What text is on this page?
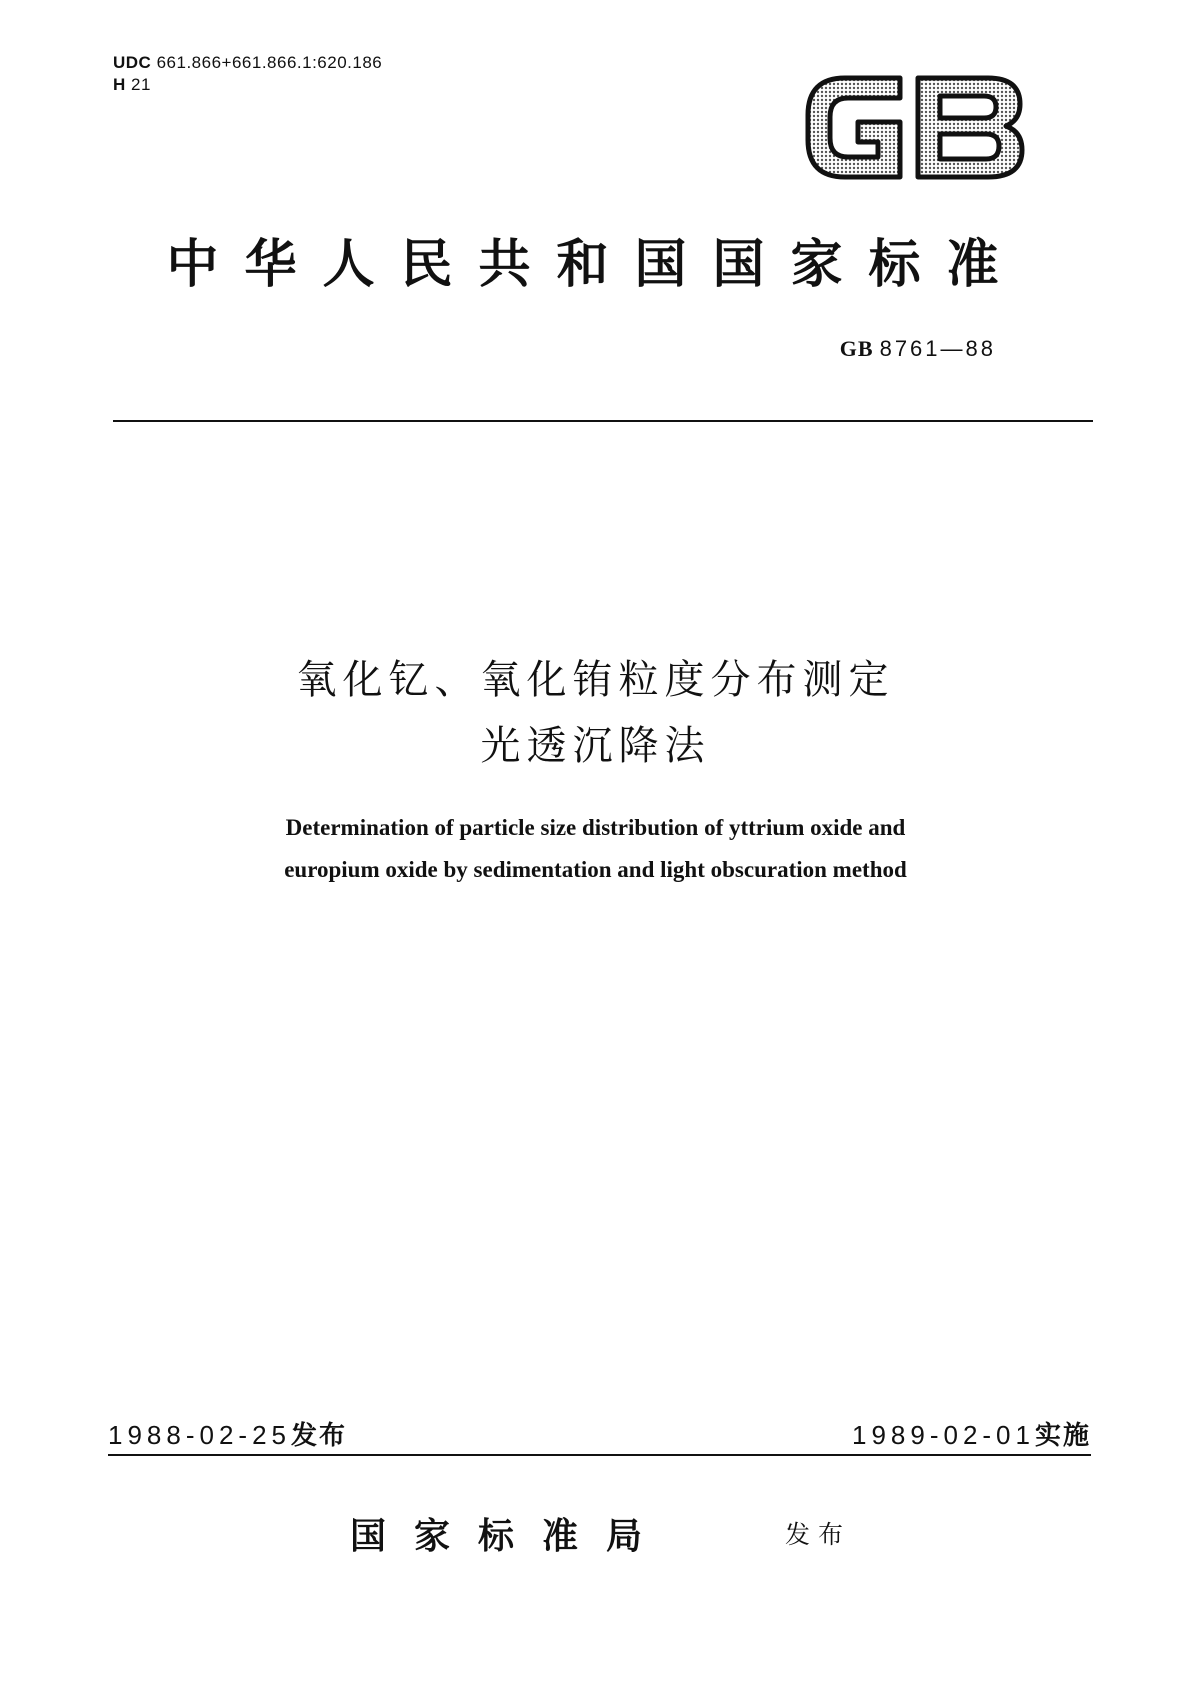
UDC 661.866+661.866.1:620.186
H 21
中华人民共和国国家标准
GB 8761—88
氧化钇、氧化铕粒度分布测定
光透沉降法
Determination of particle size distribution of yttrium oxide and
europium oxide by sedimentation and light obscuration method
1988-02-25发布	1989-02-01实施
国家标准局	发布
